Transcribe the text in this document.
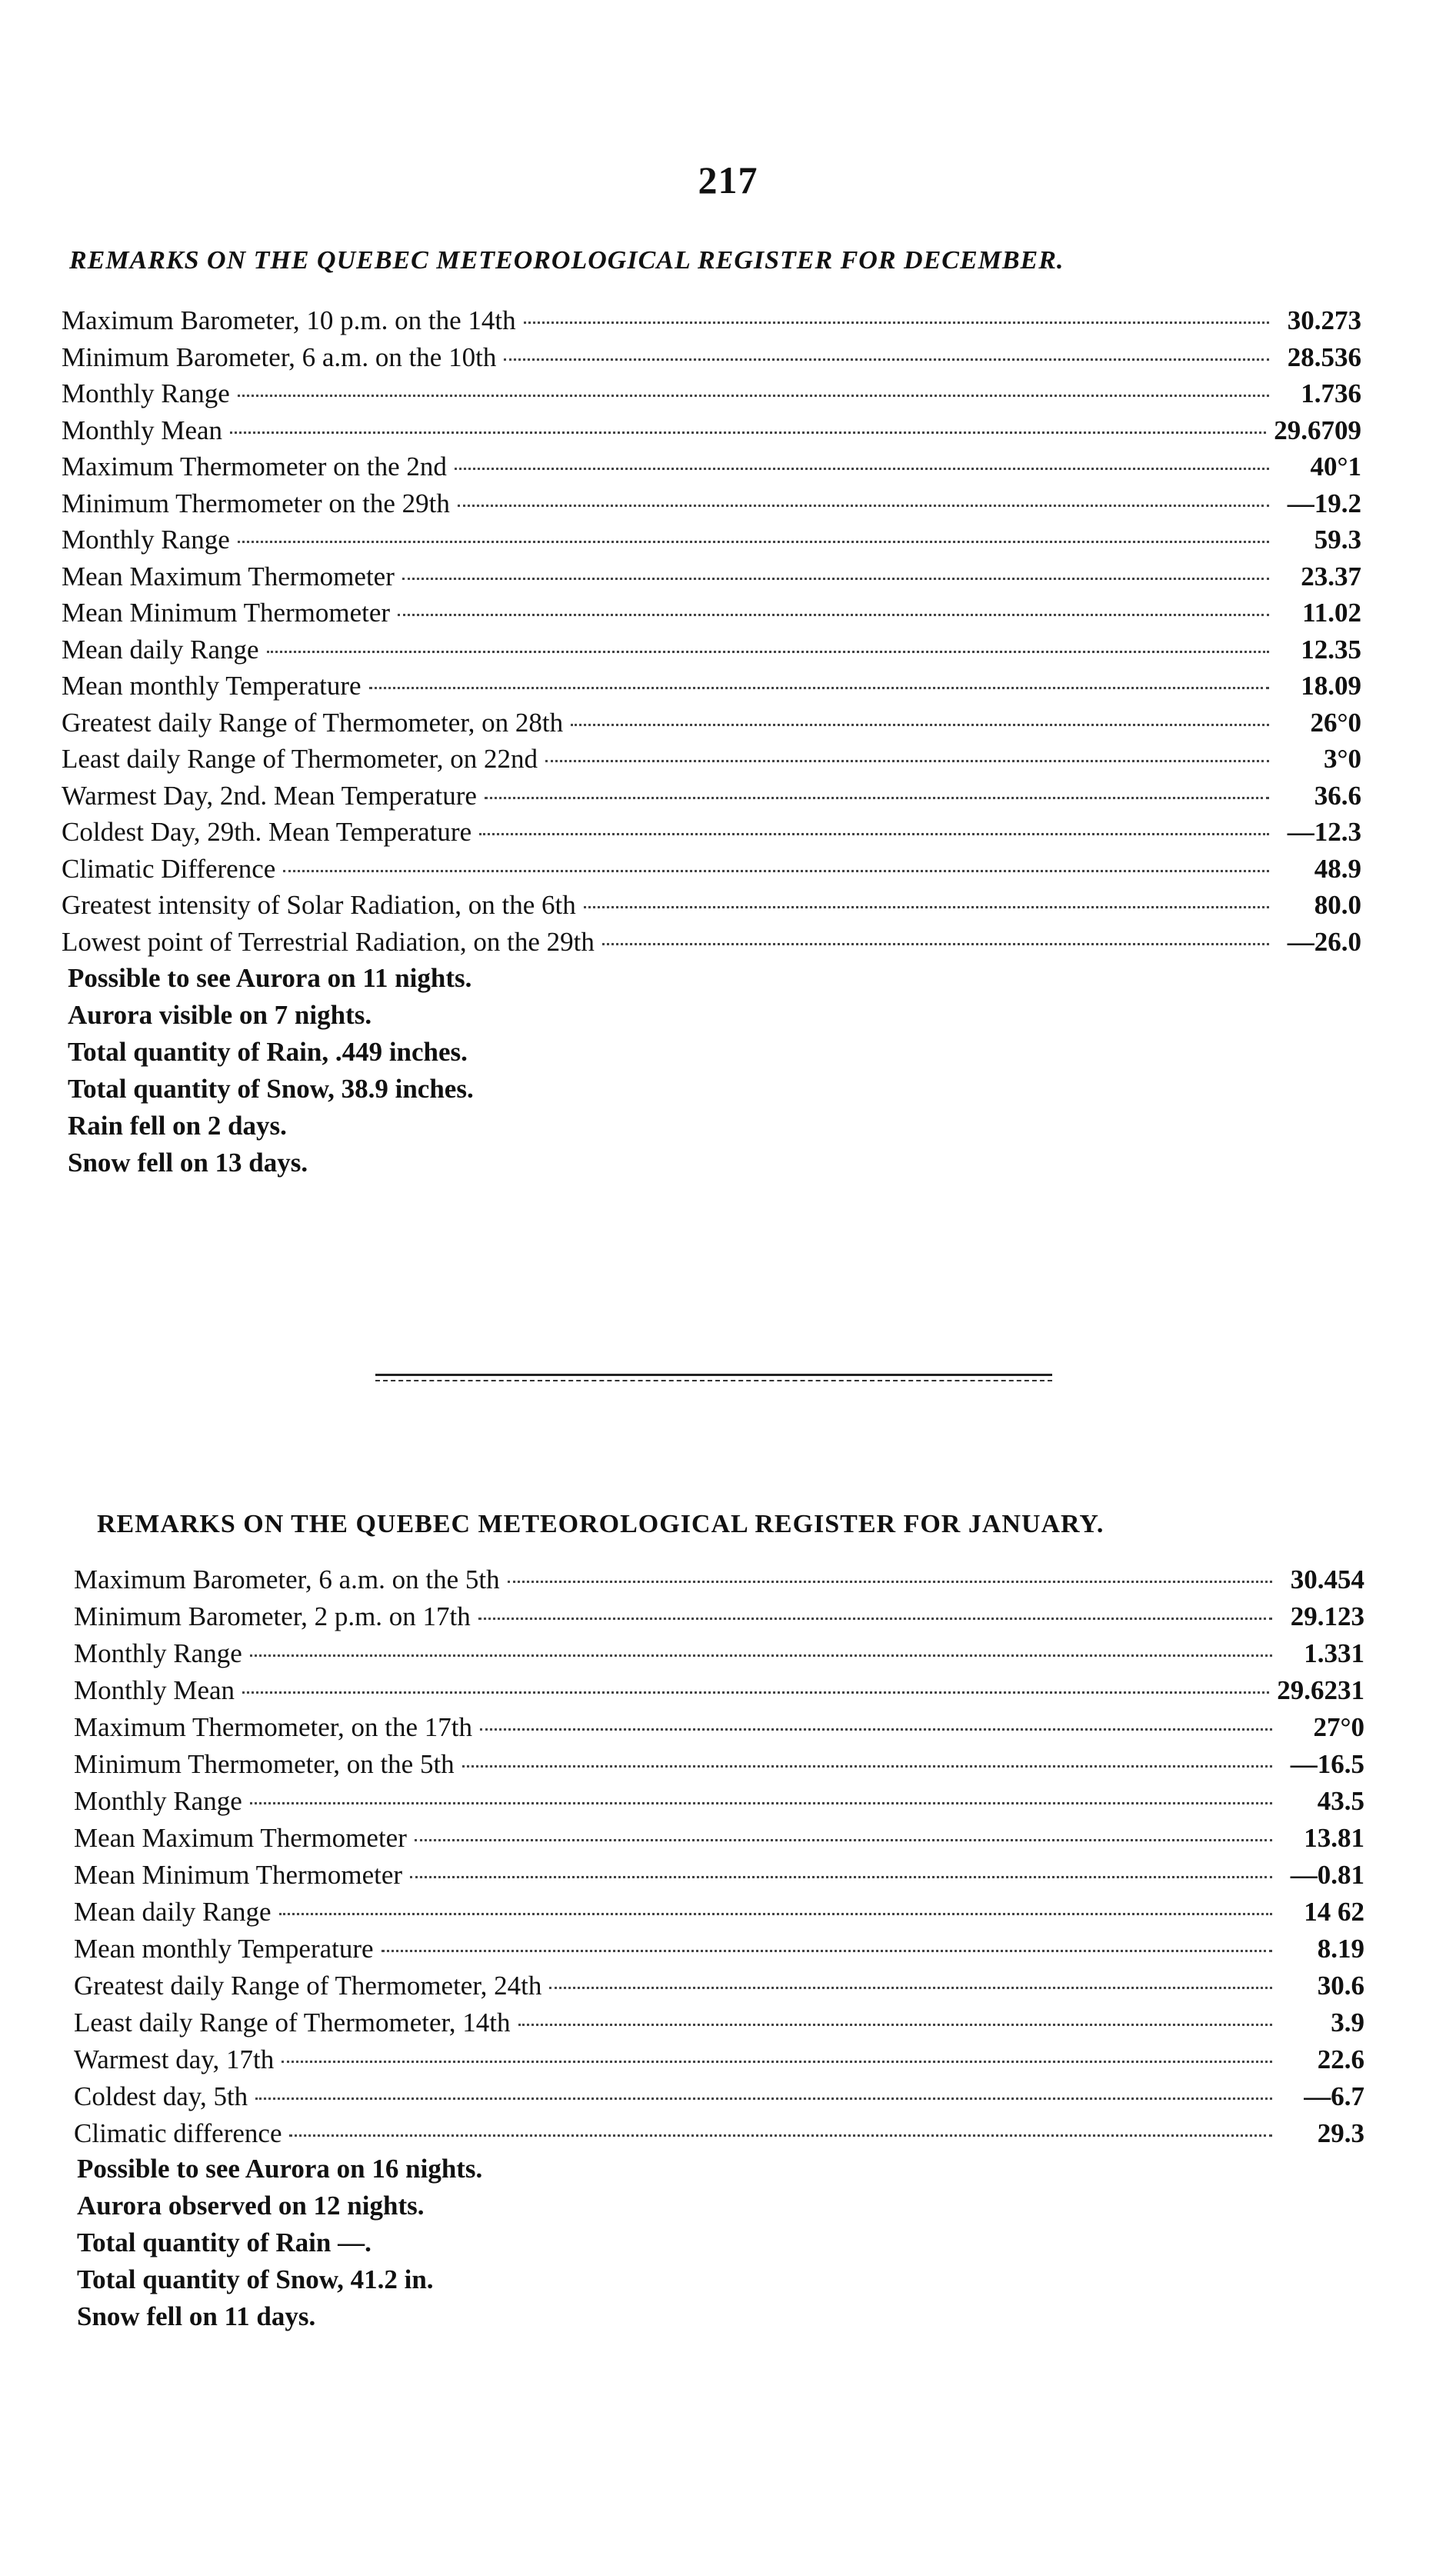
217
REMARKS ON THE QUEBEC METEOROLOGICAL REGISTER FOR DECEMBER.
Maximum Barometer, 10 p.m. on the 14th	30.273
Minimum Barometer, 6 a.m. on the 10th	28.536
Monthly Range	1.736
Monthly Mean	29.6709
Maximum Thermometer on the 2nd	40°1
Minimum Thermometer on the 29th	—19.2
Monthly Range	59.3
Mean Maximum Thermometer	23.37
Mean Minimum Thermometer	11.02
Mean daily Range	12.35
Mean monthly Temperature	18.09
Greatest daily Range of Thermometer, on 28th	26°0
Least daily Range of Thermometer, on 22nd	3°0
Warmest Day, 2nd. Mean Temperature	36.6
Coldest Day, 29th. Mean Temperature	—12.3
Climatic Difference	48.9
Greatest intensity of Solar Radiation, on the 6th	80.0
Lowest point of Terrestrial Radiation, on the 29th	—26.0
Possible to see Aurora on 11 nights.
Aurora visible on 7 nights.
Total quantity of Rain, .449 inches.
Total quantity of Snow, 38.9 inches.
Rain fell on 2 days.
Snow fell on 13 days.
REMARKS ON THE QUEBEC METEOROLOGICAL REGISTER FOR JANUARY.
Maximum Barometer, 6 a.m. on the 5th	30.454
Minimum Barometer, 2 p.m. on 17th	29.123
Monthly Range	1.331
Monthly Mean	29.6231
Maximum Thermometer, on the 17th	27°0
Minimum Thermometer, on the 5th	—16.5
Monthly Range	43.5
Mean Maximum Thermometer	13.81
Mean Minimum Thermometer	—0.81
Mean daily Range	14 62
Mean monthly Temperature	8.19
Greatest daily Range of Thermometer, 24th	30.6
Least daily Range of Thermometer, 14th	3.9
Warmest day, 17th	22.6
Coldest day, 5th	—6.7
Climatic difference	29.3
Possible to see Aurora on 16 nights.
Aurora observed on 12 nights.
Total quantity of Rain —.
Total quantity of Snow, 41.2 in.
Snow fell on 11 days.
